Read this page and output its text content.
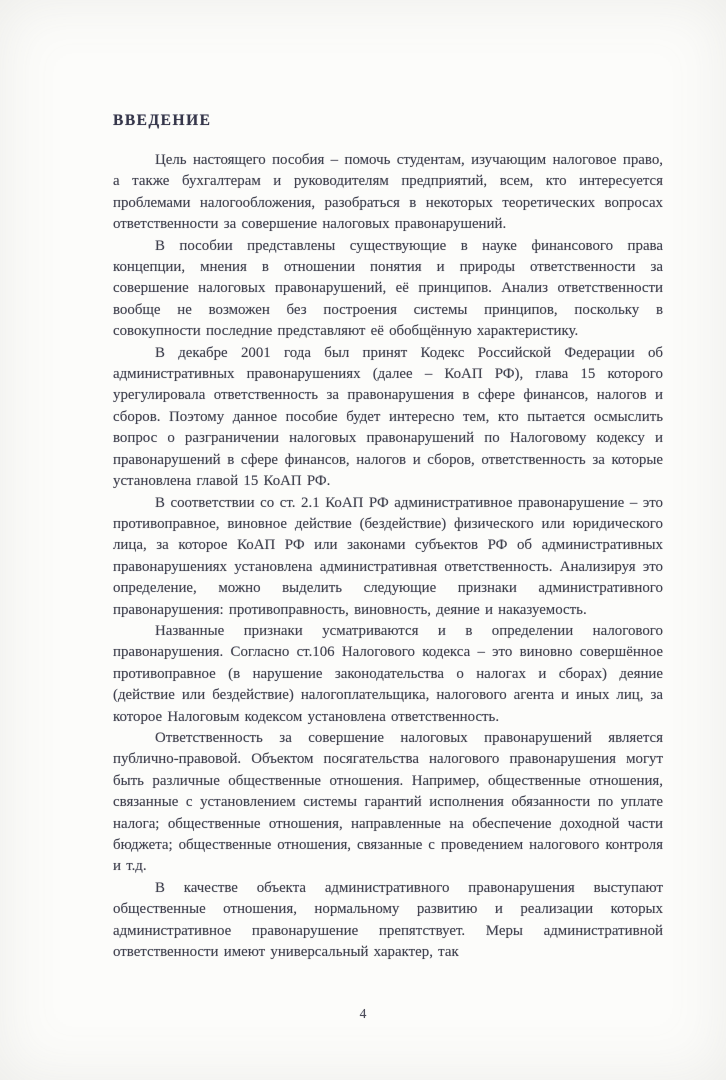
ВВЕДЕНИЕ

Цель настоящего пособия – помочь студентам, изучающим налоговое право, а также бухгалтерам и руководителям предприятий, всем, кто интересуется проблемами налогообложения, разобраться в некоторых теоретических вопросах ответственности за совершение налоговых правонарушений.

В пособии представлены существующие в науке финансового права концепции, мнения в отношении понятия и природы ответственности за совершение налоговых правонарушений, её принципов. Анализ ответственности вообще не возможен без построения системы принципов, поскольку в совокупности последние представляют её обобщённую характеристику.

В декабре 2001 года был принят Кодекс Российской Федерации об административных правонарушениях (далее – КоАП РФ), глава 15 которого урегулировала ответственность за правонарушения в сфере финансов, налогов и сборов. Поэтому данное пособие будет интересно тем, кто пытается осмыслить вопрос о разграничении налоговых правонарушений по Налоговому кодексу и правонарушений в сфере финансов, налогов и сборов, ответственность за которые установлена главой 15 КоАП РФ.

В соответствии со ст. 2.1 КоАП РФ административное правонарушение – это противоправное, виновное действие (бездействие) физического или юридического лица, за которое КоАП РФ или законами субъектов РФ об административных правонарушениях установлена административная ответственность. Анализируя это определение, можно выделить следующие признаки административного правонарушения: противоправность, виновность, деяние и наказуемость.

Названные признаки усматриваются и в определении налогового правонарушения. Согласно ст.106 Налогового кодекса – это виновно совершённое противоправное (в нарушение законодательства о налогах и сборах) деяние (действие или бездействие) налогоплательщика, налогового агента и иных лиц, за которое Налоговым кодексом установлена ответственность.

Ответственность за совершение налоговых правонарушений является публично-правовой. Объектом посягательства налогового правонарушения могут быть различные общественные отношения. Например, общественные отношения, связанные с установлением системы гарантий исполнения обязанности по уплате налога; общественные отношения, направленные на обеспечение доходной части бюджета; общественные отношения, связанные с проведением налогового контроля и т.д.

В качестве объекта административного правонарушения выступают общественные отношения, нормальному развитию и реализации которых административное правонарушение препятствует. Меры административной ответственности имеют универсальный характер, так

4
